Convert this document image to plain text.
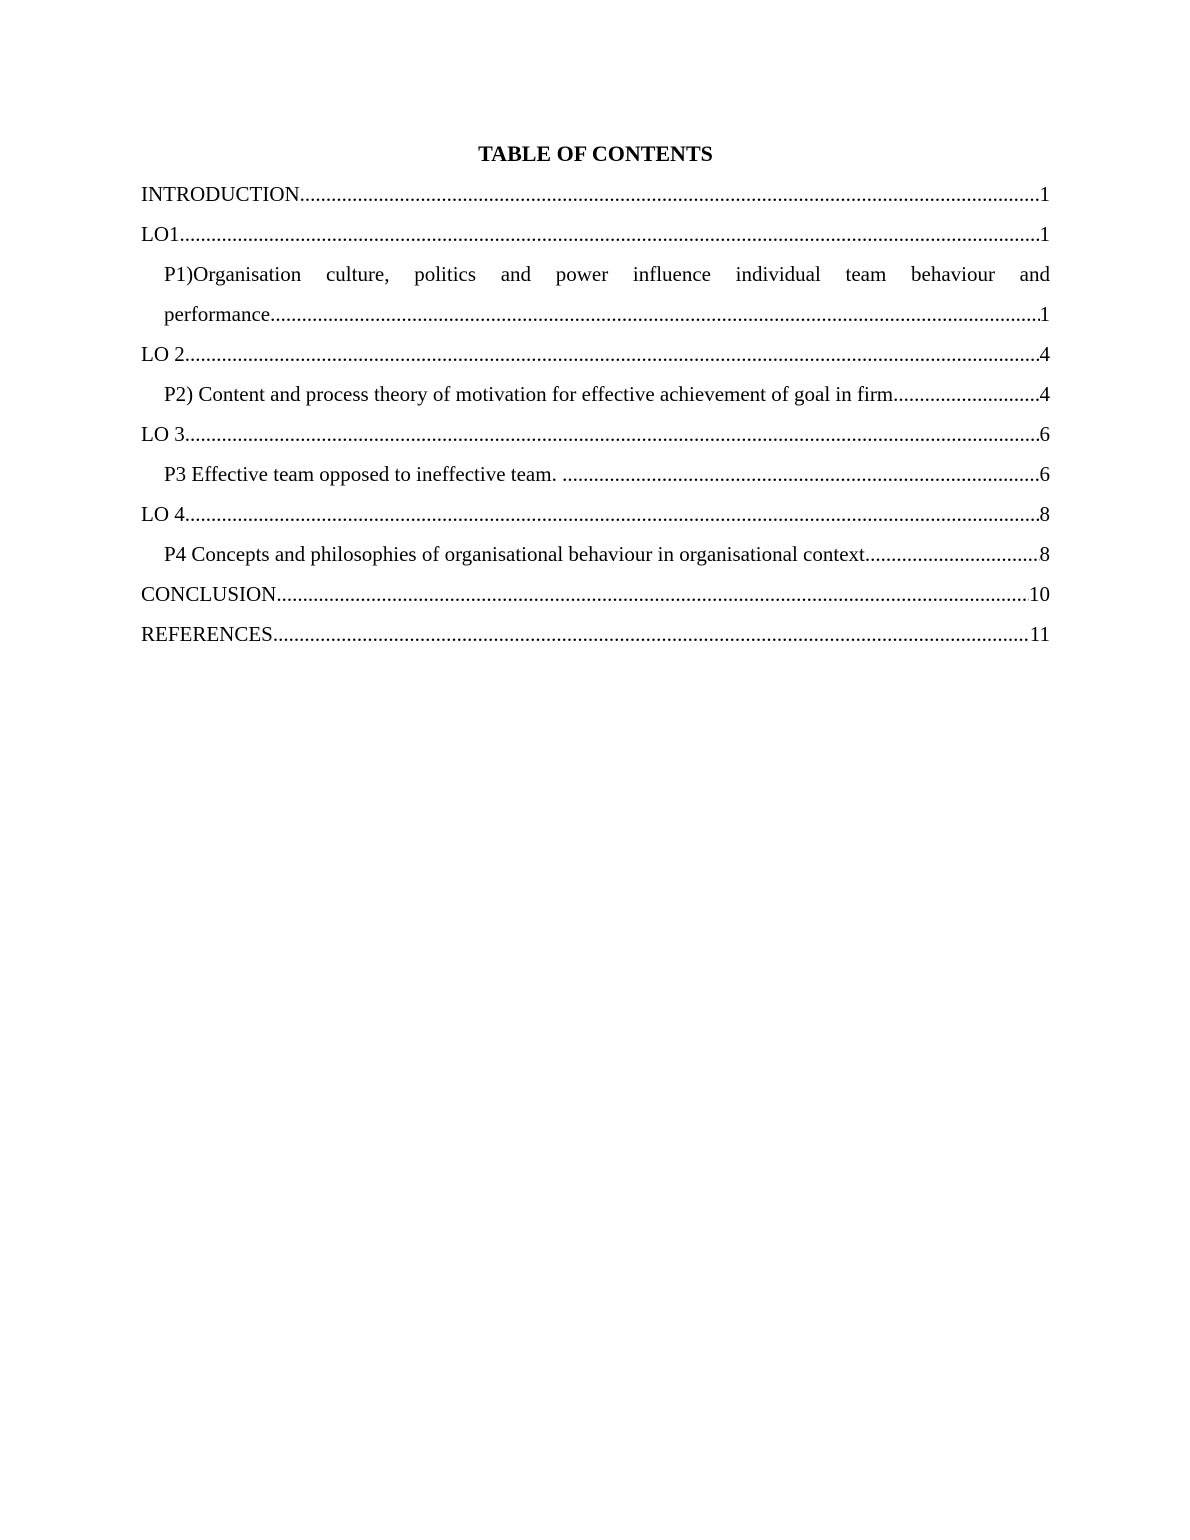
TABLE OF CONTENTS
INTRODUCTION .....	1
LO1 .....	1
P1)Organisation culture, politics and power influence individual team behaviour and
performance .....	1
LO 2 .....	4
P2) Content and process theory of motivation for effective achievement of goal in firm .....	4
LO 3 .....	6
P3 Effective team opposed to ineffective team. .....	6
LO 4 .....	8
P4 Concepts and philosophies of organisational behaviour in organisational context .....	8
CONCLUSION .....	10
REFERENCES .....	11
